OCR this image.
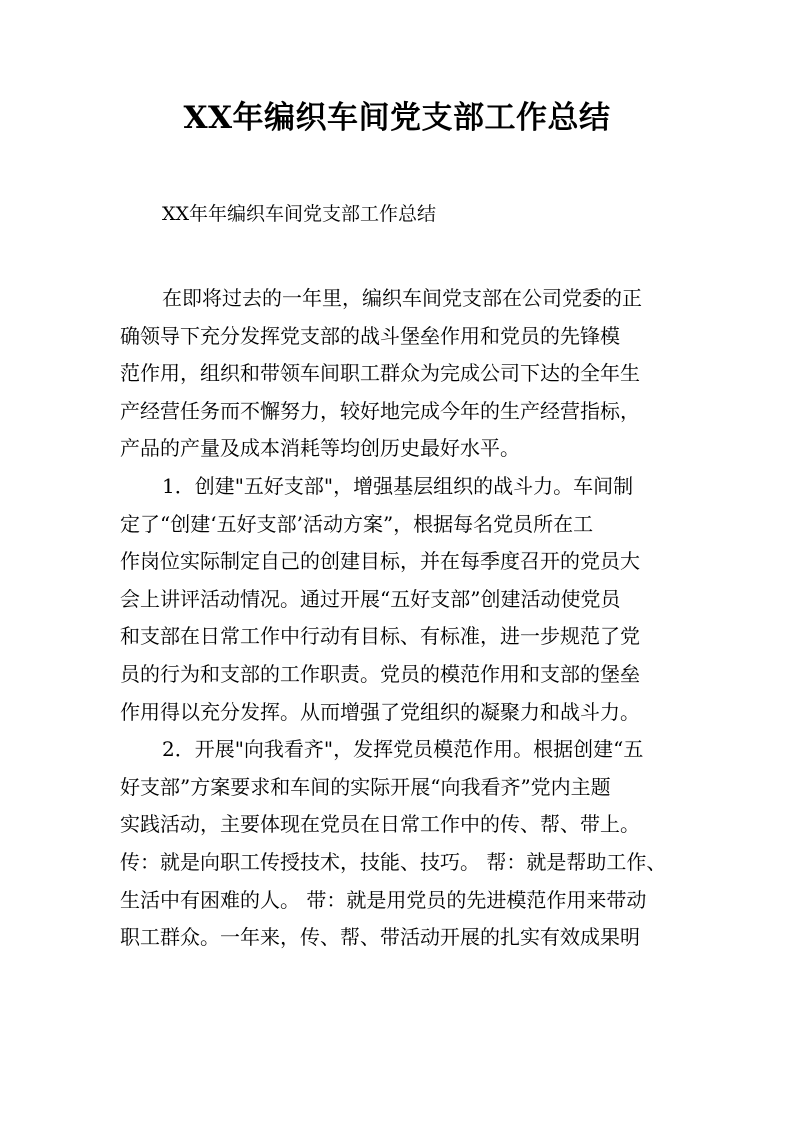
XX年编织车间党支部工作总结
XX年年编织车间党支部工作总结
在即将过去的一年里，编织车间党支部在公司党委的正
确领导下充分发挥党支部的战斗堡垒作用和党员的先锋模
范作用，组织和带领车间职工群众为完成公司下达的全年生
产经营任务而不懈努力，较好地完成今年的生产经营指标，
产品的产量及成本消耗等均创历史最好水平。
1．创建"五好支部"，增强基层组织的战斗力。车间制
定了“创建‘五好支部’活动方案”，根据每名党员所在工
作岗位实际制定自己的创建目标，并在每季度召开的党员大
会上讲评活动情况。通过开展“五好支部”创建活动使党员
和支部在日常工作中行动有目标、有标准，进一步规范了党
员的行为和支部的工作职责。党员的模范作用和支部的堡垒
作用得以充分发挥。从而增强了党组织的凝聚力和战斗力。
2．开展"向我看齐"，发挥党员模范作用。根据创建“五
好支部”方案要求和车间的实际开展“向我看齐”党内主题
实践活动，主要体现在党员在日常工作中的传、帮、带上。
传：就是向职工传授技术，技能、技巧。 帮：就是帮助工作、
生活中有困难的人。 带：就是用党员的先进模范作用来带动
职工群众。一年来，传、帮、带活动开展的扎实有效成果明
